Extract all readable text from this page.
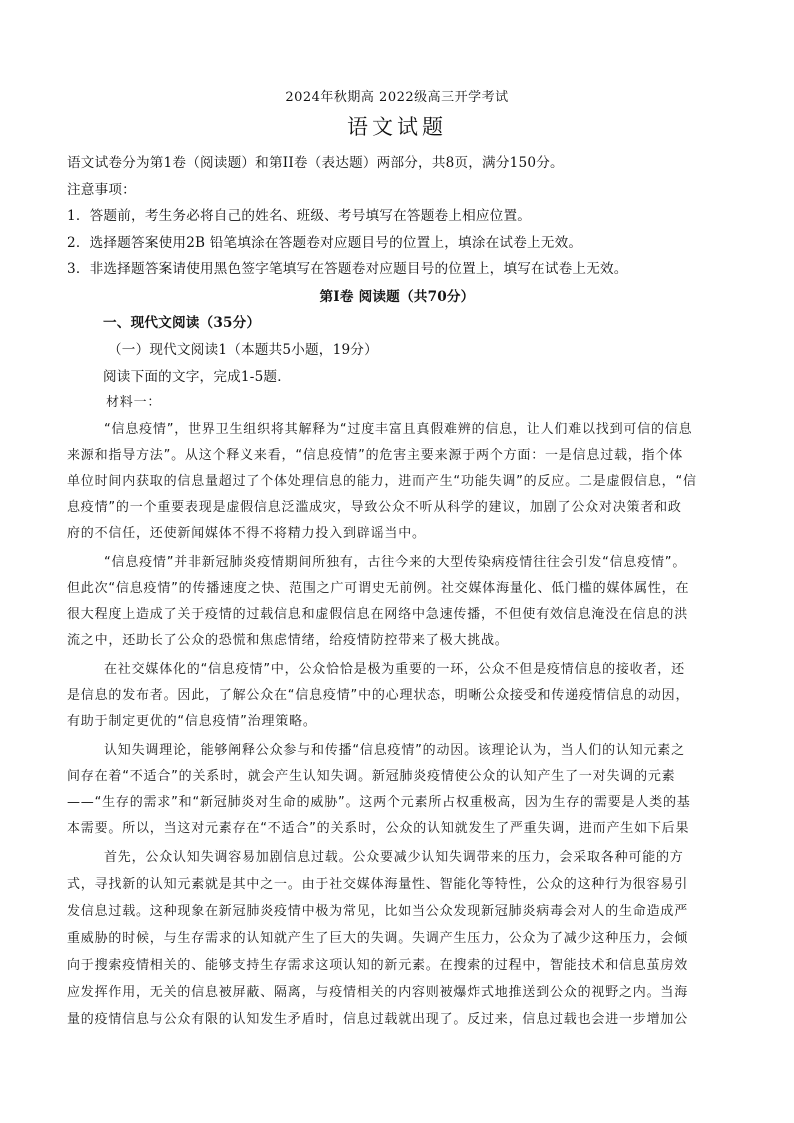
2024年秋期高 2022级高三开学考试
语文试题
语文试卷分为第1卷（阅读题）和第II卷（表达题）两部分，共8页，满分150分。
注意事项：
1．答题前，考生务必将自己的姓名、班级、考号填写在答题卷上相应位置。
2．选择题答案使用2B 铅笔填涂在答题卷对应题目号的位置上，填涂在试卷上无效。
3．非选择题答案请使用黑色签字笔填写在答题卷对应题目号的位置上，填写在试卷上无效。
第I卷 阅读题（共70分）
一、现代文阅读（35分）
（一）现代文阅读1（本题共5小题，19分）
阅读下面的文字，完成1-5题．
材料一：
“信息疫情”，世界卫生组织将其解释为“过度丰富且真假难辨的信息，让人们难以找到可信的信息
来源和指导方法”。从这个释义来看，“信息疫情”的危害主要来源于两个方面：一是信息过载，指个体
单位时间内获取的信息量超过了个体处理信息的能力，进而产生“功能失调”的反应。二是虚假信息，“信
息疫情”的一个重要表现是虚假信息泛滥成灾，导致公众不听从科学的建议，加剧了公众对决策者和政
府的不信任，还使新闻媒体不得不将精力投入到辟谣当中。
“信息疫情”并非新冠肺炎疫情期间所独有，古往今来的大型传染病疫情往往会引发“信息疫情”。
但此次“信息疫情”的传播速度之快、范围之广可谓史无前例。社交媒体海量化、低门槛的媒体属性，在
很大程度上造成了关于疫情的过载信息和虚假信息在网络中急速传播，不但使有效信息淹没在信息的洪
流之中，还助长了公众的恐慌和焦虑情绪，给疫情防控带来了极大挑战。
在社交媒体化的“信息疫情”中，公众恰恰是极为重要的一环，公众不但是疫情信息的接收者，还
是信息的发布者。因此，了解公众在“信息疫情”中的心理状态，明晰公众接受和传递疫情信息的动因，
有助于制定更优的“信息疫情”治理策略。
认知失调理论，能够阐释公众参与和传播“信息疫情”的动因。该理论认为，当人们的认知元素之
间存在着“不适合”的关系时，就会产生认知失调。新冠肺炎疫情使公众的认知产生了一对失调的元素
——“生存的需求”和“新冠肺炎对生命的威胁”。这两个元素所占权重极高，因为生存的需要是人类的基
本需要。所以，当这对元素存在“不适合”的关系时，公众的认知就发生了严重失调，进而产生如下后果
首先，公众认知失调容易加剧信息过载。公众要减少认知失调带来的压力，会采取各种可能的方
式，寻找新的认知元素就是其中之一。由于社交媒体海量性、智能化等特性，公众的这种行为很容易引
发信息过载。这种现象在新冠肺炎疫情中极为常见，比如当公众发现新冠肺炎病毒会对人的生命造成严
重威胁的时候，与生存需求的认知就产生了巨大的失调。失调产生压力，公众为了减少这种压力，会倾
向于搜索疫情相关的、能够支持生存需求这项认知的新元素。在搜索的过程中，智能技术和信息茧房效
应发挥作用，无关的信息被屏蔽、隔离，与疫情相关的内容则被爆炸式地推送到公众的视野之内。当海
量的疫情信息与公众有限的认知发生矛盾时，信息过载就出现了。反过来，信息过载也会进一步增加公
